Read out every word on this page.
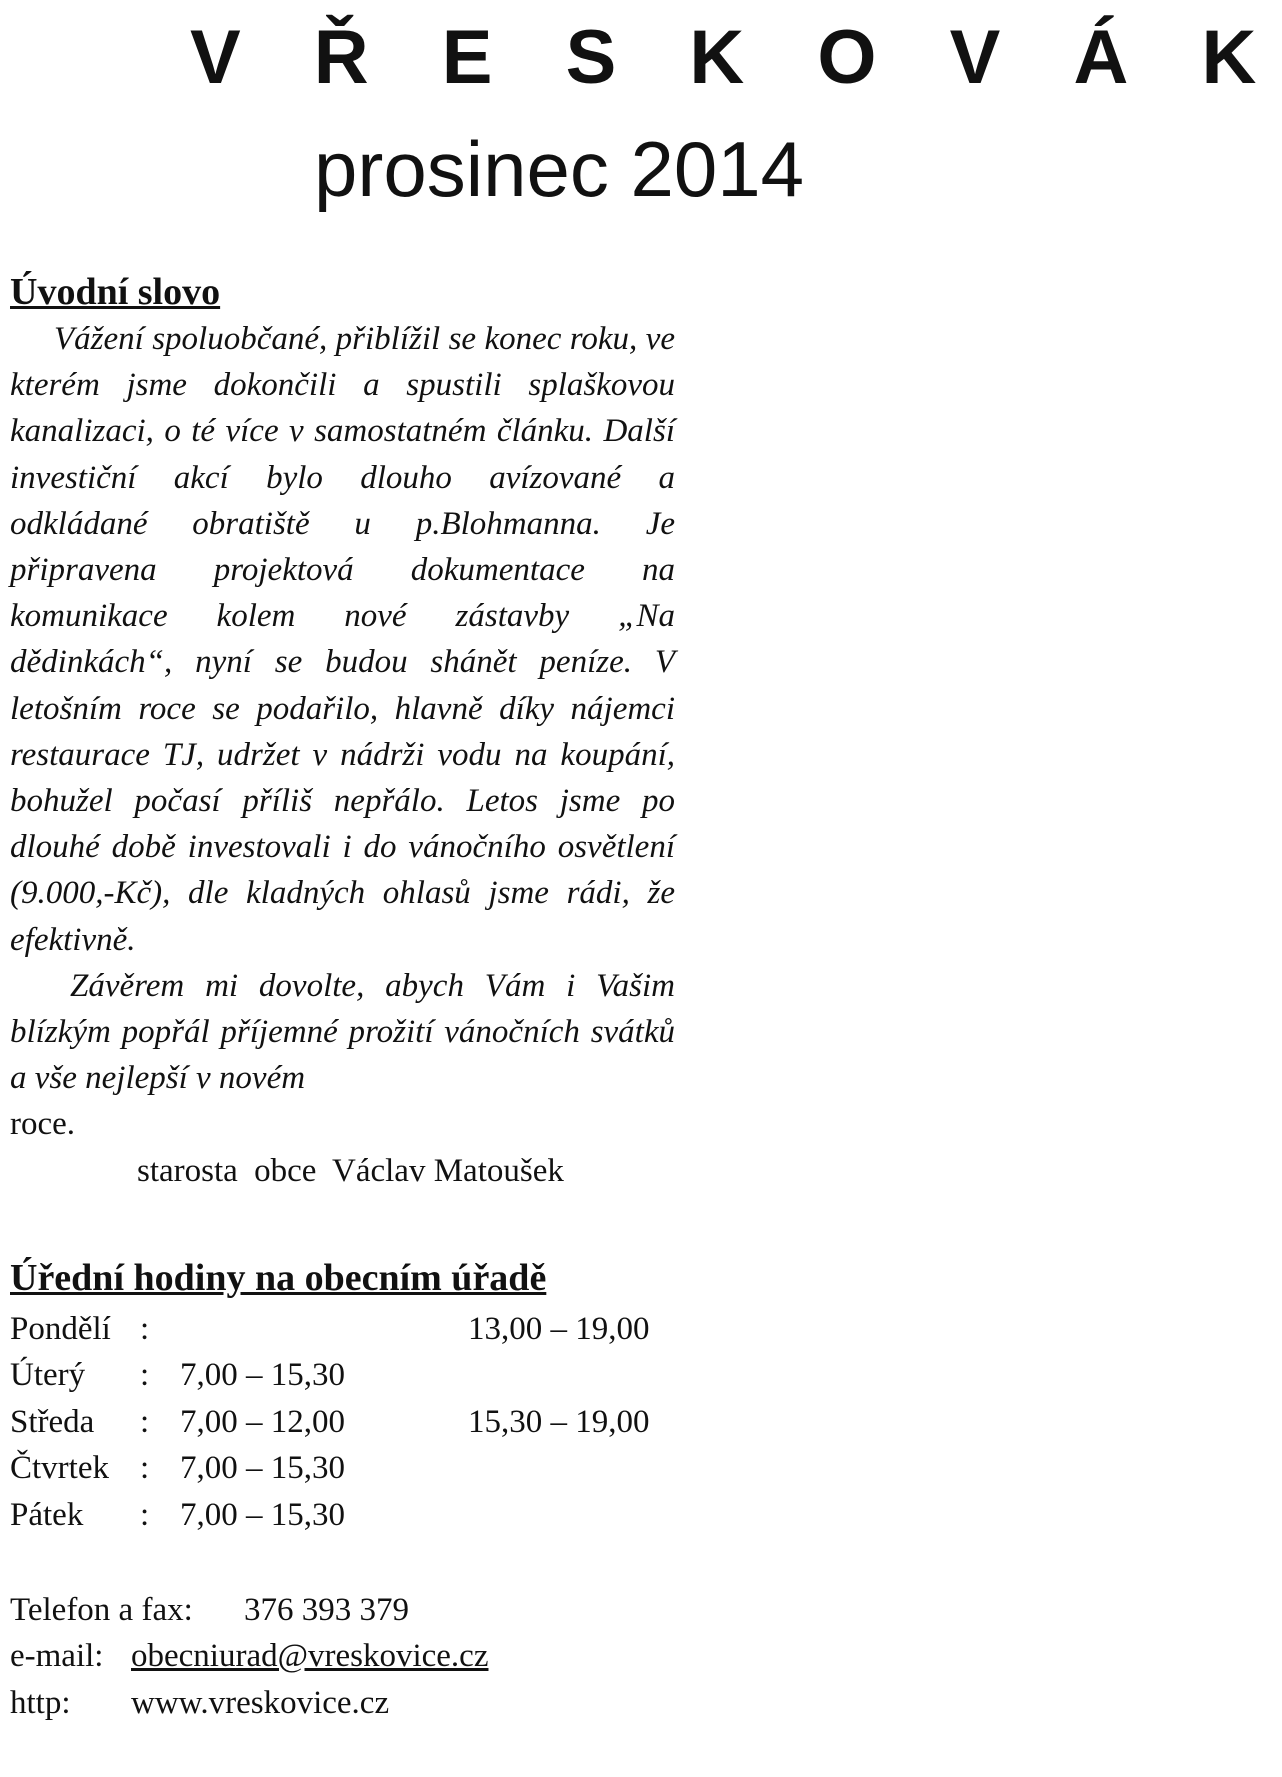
V Ř E S K O V Á K
prosinec 2014
Úvodní slovo

Vážení spoluobčané, přiblížil se konec roku, ve kterém jsme dokončili a spustili splaškovou kanalizaci, o té více v samostatném článku. Další investiční akcí bylo dlouho avízované a odkládané obratiště u p.Blohmanna. Je připravena projektová dokumentace na komunikace kolem nové zástavby „Na dědinkách“, nyní se budou shánět peníze. V letošním roce se podařilo, hlavně díky nájemci restaurace TJ, udržet v nádrži vodu na koupání, bohužel počasí příliš nepřálo. Letos jsme po dlouhé době investovali i do vánočního osvětlení (9.000,-Kč), dle kladných ohlasů jsme rádi, že efektivně.

Závěrem mi dovolte, abych Vám i Vašim blízkým popřál příjemné prožití vánočních svátků a vše nejlepší v novém

roce.

starosta obce Václav Matoušek
Úřední hodiny na obecním úřadě
Pondělí :	13,00 – 19,00
Úterý : 7,00 – 15,30
Středa : 7,00 – 12,00	15,30 – 19,00
Čtvrtek : 7,00 – 15,30
Pátek : 7,00 – 15,30
Telefon a fax: 376 393 379
e-mail: obecniurad@vreskovice.cz
http: www.vreskovice.cz
